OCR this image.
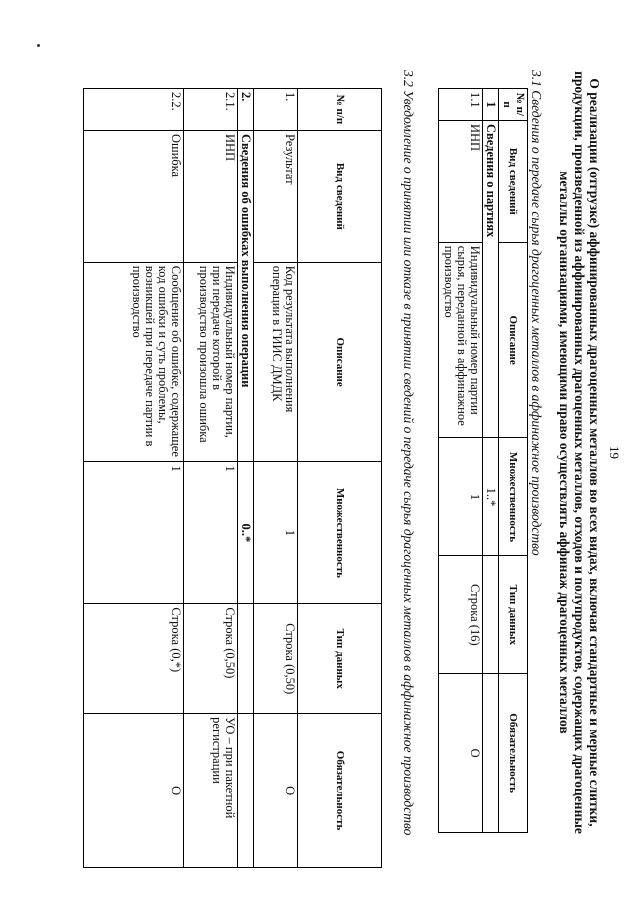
19
О реализации (отгрузке) аффинированных драгоценных металлов во всех видах, включая стандартные и мерные слитки, продукции, произведенной из аффинированных драгоценных металлов, отходов и полупродуктов, содержащих драгоценные металлы организациями, имеющими право осуществлять аффинаж драгоценных металлов
3.1 Сведения о передаче сырья драгоценных металлов в аффинажное производство
№ п/п	Вид сведений	Описание	Множественность	Тип данных	Обязательность
1	Сведения о партиях		1..*		
1.1	ИНП	Индивидуальный номер партии сырья, переданной в аффинажное производство	1	Строка (16)	О
3.2 Уведомление о принятии или отказе в принятии сведений о передаче сырья драгоценных металлов в аффинажное производство
№ п/п	Вид сведений	Описание	Множественность	Тип данных	Обязательность
1.	Результат	Код результата выполнения операции в ГИИС ДМДК	1	Строка (0,50)	О
2.	Сведения об ошибках выполнения операции		0..*		
2.1.	ИНП	Индивидуальный номер партии, при передаче которой в производство произошла ошибка	1	Строка (0,50)	УО – при пакетной регистрации
2.2.	Ошибка	Сообщение об ошибке, содержащее код ошибки и суть проблемы, возникшей при передаче партии в производство	1	Строка (0,*)	О
